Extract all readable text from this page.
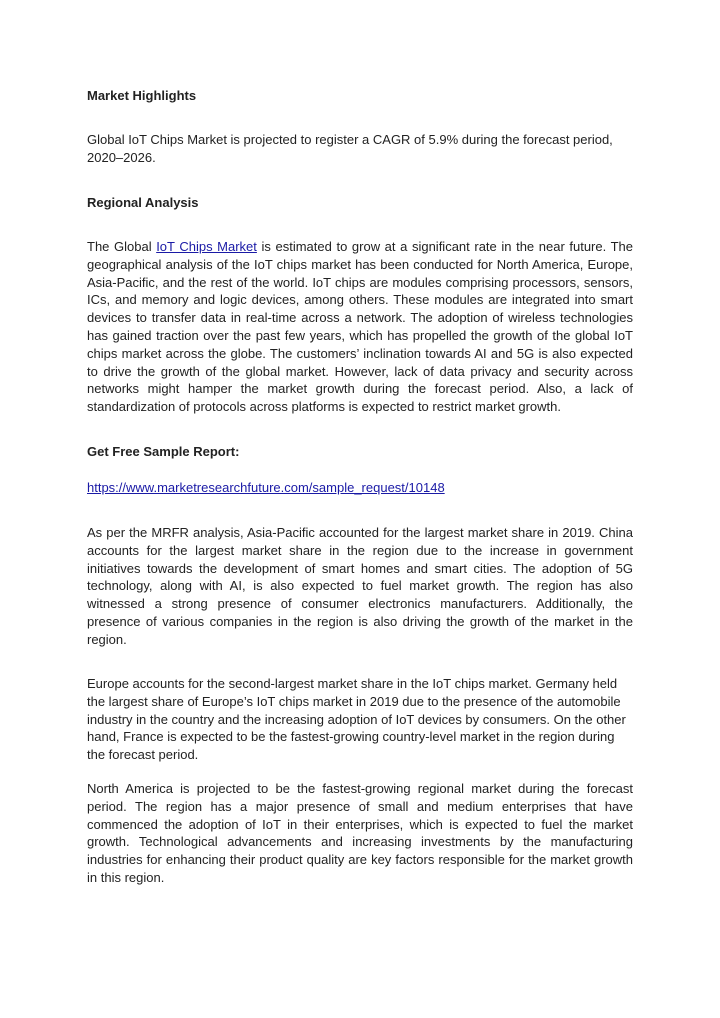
Market Highlights

Global IoT Chips Market is projected to register a CAGR of 5.9% during the forecast period, 2020–2026.

Regional Analysis

The Global IoT Chips Market is estimated to grow at a significant rate in the near future. The geographical analysis of the IoT chips market has been conducted for North America, Europe, Asia-Pacific, and the rest of the world. IoT chips are modules comprising processors, sensors, ICs, and memory and logic devices, among others. These modules are integrated into smart devices to transfer data in real-time across a network. The adoption of wireless technologies has gained traction over the past few years, which has propelled the growth of the global IoT chips market across the globe. The customers’ inclination towards AI and 5G is also expected to drive the growth of the global market. However, lack of data privacy and security across networks might hamper the market growth during the forecast period. Also, a lack of standardization of protocols across platforms is expected to restrict market growth.

Get Free Sample Report:

https://www.marketresearchfuture.com/sample_request/10148

As per the MRFR analysis, Asia-Pacific accounted for the largest market share in 2019. China accounts for the largest market share in the region due to the increase in government initiatives towards the development of smart homes and smart cities. The adoption of 5G technology, along with AI, is also expected to fuel market growth. The region has also witnessed a strong presence of consumer electronics manufacturers. Additionally, the presence of various companies in the region is also driving the growth of the market in the region.

Europe accounts for the second-largest market share in the IoT chips market. Germany held the largest share of Europe’s IoT chips market in 2019 due to the presence of the automobile industry in the country and the increasing adoption of IoT devices by consumers. On the other hand, France is expected to be the fastest-growing country-level market in the region during the forecast period.

North America is projected to be the fastest-growing regional market during the forecast period. The region has a major presence of small and medium enterprises that have commenced the adoption of IoT in their enterprises, which is expected to fuel the market growth. Technological advancements and increasing investments by the manufacturing industries for enhancing their product quality are key factors responsible for the market growth in this region.
